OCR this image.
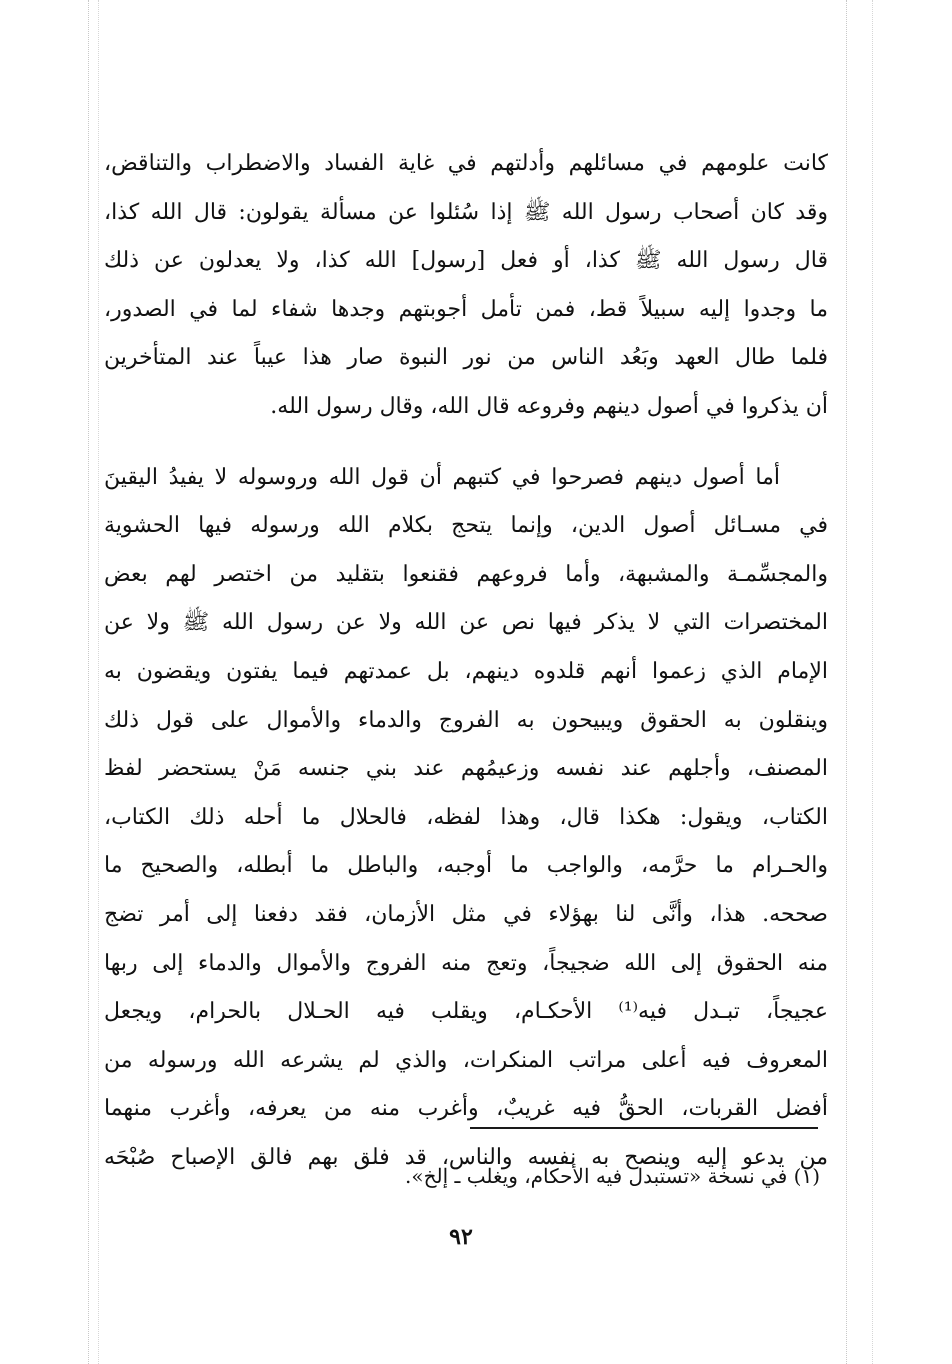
كانت علومهم في مسائلهم وأدلتهم في غاية الفساد والاضطراب والتناقض،
وقد كان أصحاب رسول الله ﷺ إذا سُئلوا عن مسألة يقولون: قال الله كذا،
قال رسول الله ﷺ كذا، أو فعل [رسول] الله كذا، ولا يعدلون عن ذلك
ما وجدوا إليه سبيلاً قط، فمن تأمل أجوبتهم وجدها شفاء لما في الصدور،
فلما طال العهد وبَعُد الناس من نور النبوة صار هذا عيباً عند المتأخرين
أن يذكروا في أصول دينهم وفروعه قال الله، وقال رسول الله.
أما أصول دينهم فصرحوا في كتبهم أن قول الله وروسوله لا يفيدُ اليقينَ
في مسـائل أصول الدين، وإنما يتحج بكلام الله ورسوله فيها الحشوية
والمجسِّمـة والمشبهة، وأما فروعهم فقنعوا بتقليد من اختصر لهم بعض
المختصرات التي لا يذكر فيها نص عن الله ولا عن رسول الله ﷺ ولا عن
الإمام الذي زعموا أنهم قلدوه دينهم، بل عمدتهم فيما يفتون ويقضون به
وينقلون به الحقوق ويبيحون به الفروج والدماء والأموال على قول ذلك
المصنف، وأجلهم عند نفسه وزعيمُهم عند بني جنسه مَنْ يستحضر لفظ
الكتاب، ويقول: هكذا قال، وهذا لفظه، فالحلال ما أحله ذلك الكتاب،
والحـرام ما حرَّمه، والواجب ما أوجبه، والباطل ما أبطله، والصحيح ما
صححه. هذا، وأنَّى لنا بهؤلاء في مثل الأزمان، فقد دفعنا إلى أمر تضج
منه الحقوق إلى الله ضجيجاً، وتعج منه الفروج والأموال والدماء إلى ربها
عجيجاً، تبـدل فيه⁽¹⁾ الأحكـام، ويقلب فيه الحـلال بالحرام، ويجعل
المعروف فيه أعلى مراتب المنكرات، والذي لم يشرعه الله ورسوله من
أفضل القربات، الحقُّ فيه غريبٌ، وأغرب منه من يعرفه، وأغرب منهما
من يدعو إليه وينصح به نفسه والناس، قد فلق بهم فالق الإصباح صُبْحَه
(١) في نسخة «تستبدل فيه الأحكام، ويغلب ـ إلخ».
٩٢
